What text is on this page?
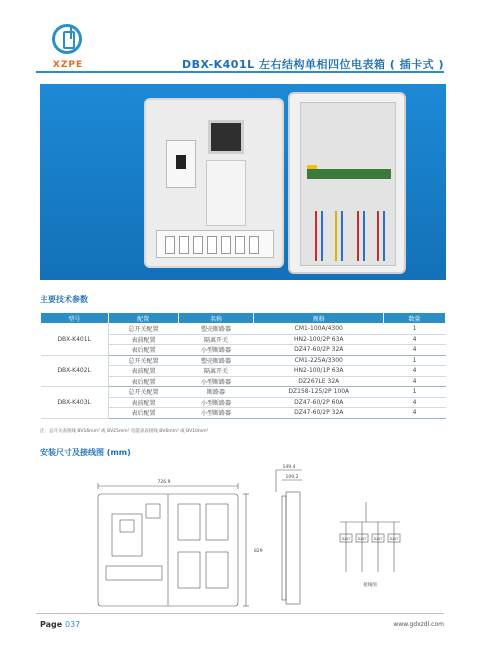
XZPE	DBX-K401L 左右结构单相四位电表箱 ( 插卡式 )
主要技术参数
型号	配置	名称	规格	数量
DBX-K401L	总开关配置	塑壳断路器	CM1-100A/4300	1
	表前配置	隔离开关	HN2-100/2P 63A	4
	表后配置	小型断路器	DZ47-60/2P 32A	4
DBX-K402L	总开关配置	塑壳断路器	CM1-225A/3300	1
	表前配置	隔离开关	HN2-100/1P 63A	4
	表后配置	小型断路器	DZ267LE 32A	4
DBX-K403L	总开关配置	断路器	DZ158-125/2P 100A	1
	表前配置	小型断路器	DZ47-60/2P 60A	4
	表后配置	小型断路器	DZ47-60/2P 32A	4
注：总开关表接线 BV16mm² 或 BV25mm² 电能表表接线 BV6mm² 或 BV10mm²
安装尺寸及接线图 (mm)
726.9
829
149.4
109.2
DZ47 DZ47 DZ47 DZ47
接线图
Page 037	www.gdxzdl.com
